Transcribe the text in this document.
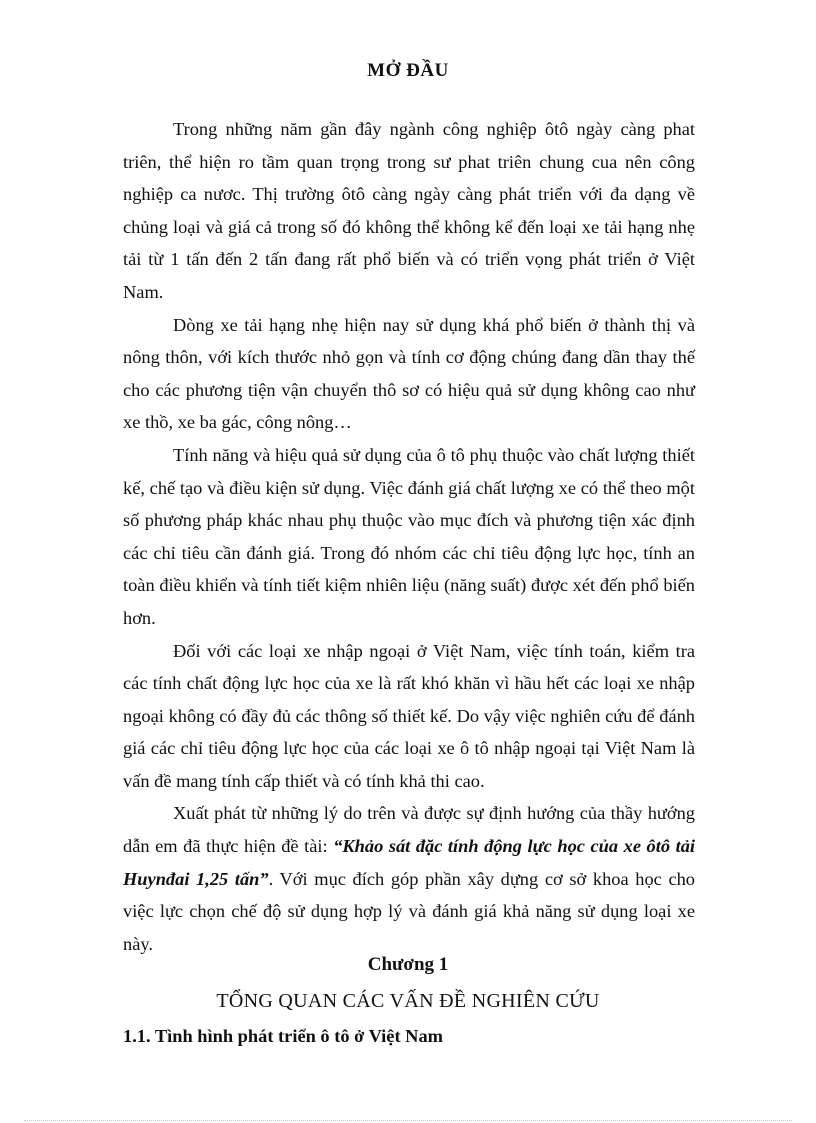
MỞ ĐẦU

Trong những năm gần đây ngành công nghiệp ôtô ngày càng phat triên, thể hiện ro tầm quan trọng trong sư phat triên chung cua nên công nghiệp ca nươc. Thị trường ôtô càng ngày càng phát triển với đa dạng về chủng loại và giá cả trong số đó không thể không kể đến loại xe tải hạng nhẹ tải từ 1 tấn đến 2 tấn đang rất phổ biến và có triển vọng phát triển ở Việt Nam.

Dòng xe tải hạng nhẹ hiện nay sử dụng khá phổ biến ở thành thị và nông thôn, với kích thước nhỏ gọn và tính cơ động chúng đang dần thay thế cho các phương tiện vận chuyển thô sơ có hiệu quả sử dụng không cao như xe thồ, xe ba gác, công nông…

Tính năng và hiệu quả sử dụng của ô tô phụ thuộc vào chất lượng thiết kế, chế tạo và điều kiện sử dụng. Việc đánh giá chất lượng xe có thể theo một số phương pháp khác nhau phụ thuộc vào mục đích và phương tiện xác định các chỉ tiêu cần đánh giá. Trong đó nhóm các chỉ tiêu động lực học, tính an toàn điều khiển và tính tiết kiệm nhiên liệu (năng suất) được xét đến phổ biến hơn.

Đối với các loại xe nhập ngoại ở Việt Nam, việc tính toán, kiểm tra các tính chất động lực học của xe là rất khó khăn vì hầu hết các loại xe nhập ngoại không có đầy đủ các thông số thiết kế. Do vậy việc nghiên cứu để đánh giá các chỉ tiêu động lực học của các loại xe ô tô nhập ngoại tại Việt Nam là vấn đề mang tính cấp thiết và có tính khả thi cao.

Xuất phát từ những lý do trên và được sự định hướng của thầy hướng dẫn em đã thực hiện đề tài: “Khảo sát đặc tính động lực học của xe ôtô tải Huynđai 1,25 tấn”. Với mục đích góp phần xây dựng cơ sở khoa học cho việc lực chọn chế độ sử dụng hợp lý và đánh giá khả năng sử dụng loại xe này.

Chương 1
TỔNG QUAN CÁC VẤN ĐỀ NGHIÊN CỨU
1.1. Tình hình phát triển ô tô ở Việt Nam
